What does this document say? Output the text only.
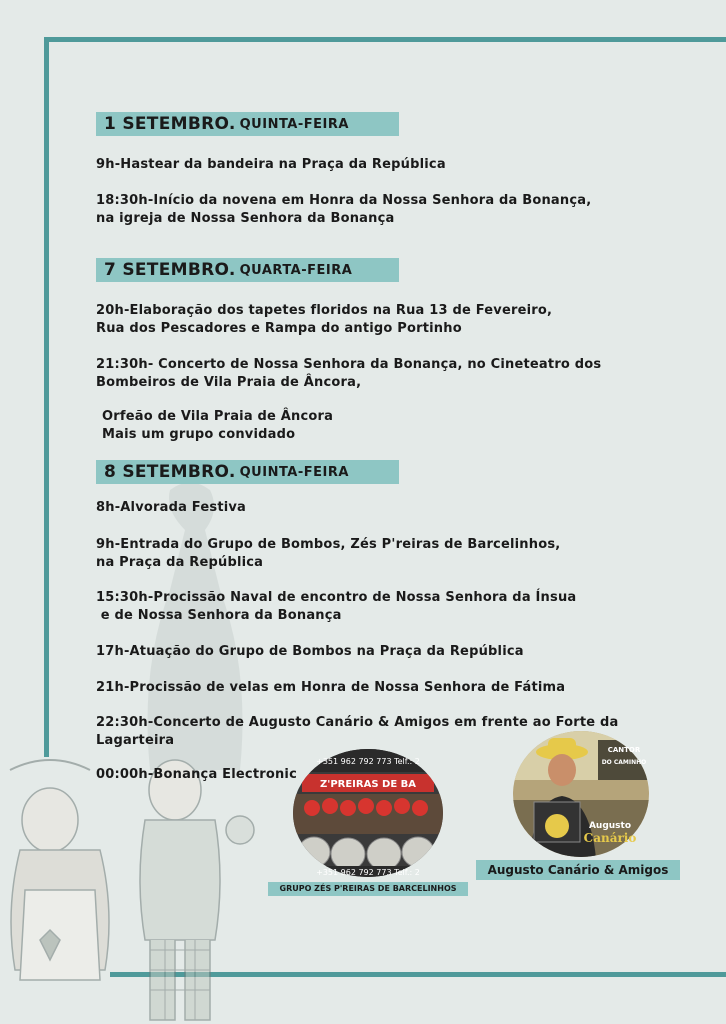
1 SETEMBRO. QUINTA-FEIRA
9h-Hastear da bandeira na Praça da República
18:30h-Início da novena em Honra da Nossa Senhora da Bonança,
na igreja de Nossa Senhora da Bonança
7 SETEMBRO. QUARTA-FEIRA
20h-Elaboração dos tapetes floridos na Rua 13 de Fevereiro,
Rua dos Pescadores e Rampa do antigo Portinho
21:30h- Concerto de Nossa Senhora da Bonança, no Cineteatro dos
Bombeiros de Vila Praia de Âncora,
Orfeão de Vila Praia de Âncora
Mais um grupo convidado
8 SETEMBRO. QUINTA-FEIRA
8h-Alvorada Festiva
9h-Entrada do Grupo de Bombos, Zés P'reiras de Barcelinhos,
na Praça da República
15:30h-Procissão Naval de encontro de Nossa Senhora da Ínsua
e de Nossa Senhora da Bonança
17h-Atuação do Grupo de Bombos na Praça da República
21h-Procissão de velas em Honra de Nossa Senhora de Fátima
22:30h-Concerto de Augusto Canário & Amigos em frente ao Forte da
Lagarteira
00:00h-Bonança Electronic
+351 962 792 773 Telf.: 2
Z'PREIRAS DE BA
+351 962 792 773 Telf.: 2
GRUPO ZÉS P'REIRAS DE BARCELINHOS
CANTOR
DO CAMINHO
Augusto
Canário
Augusto Canário & Amigos
